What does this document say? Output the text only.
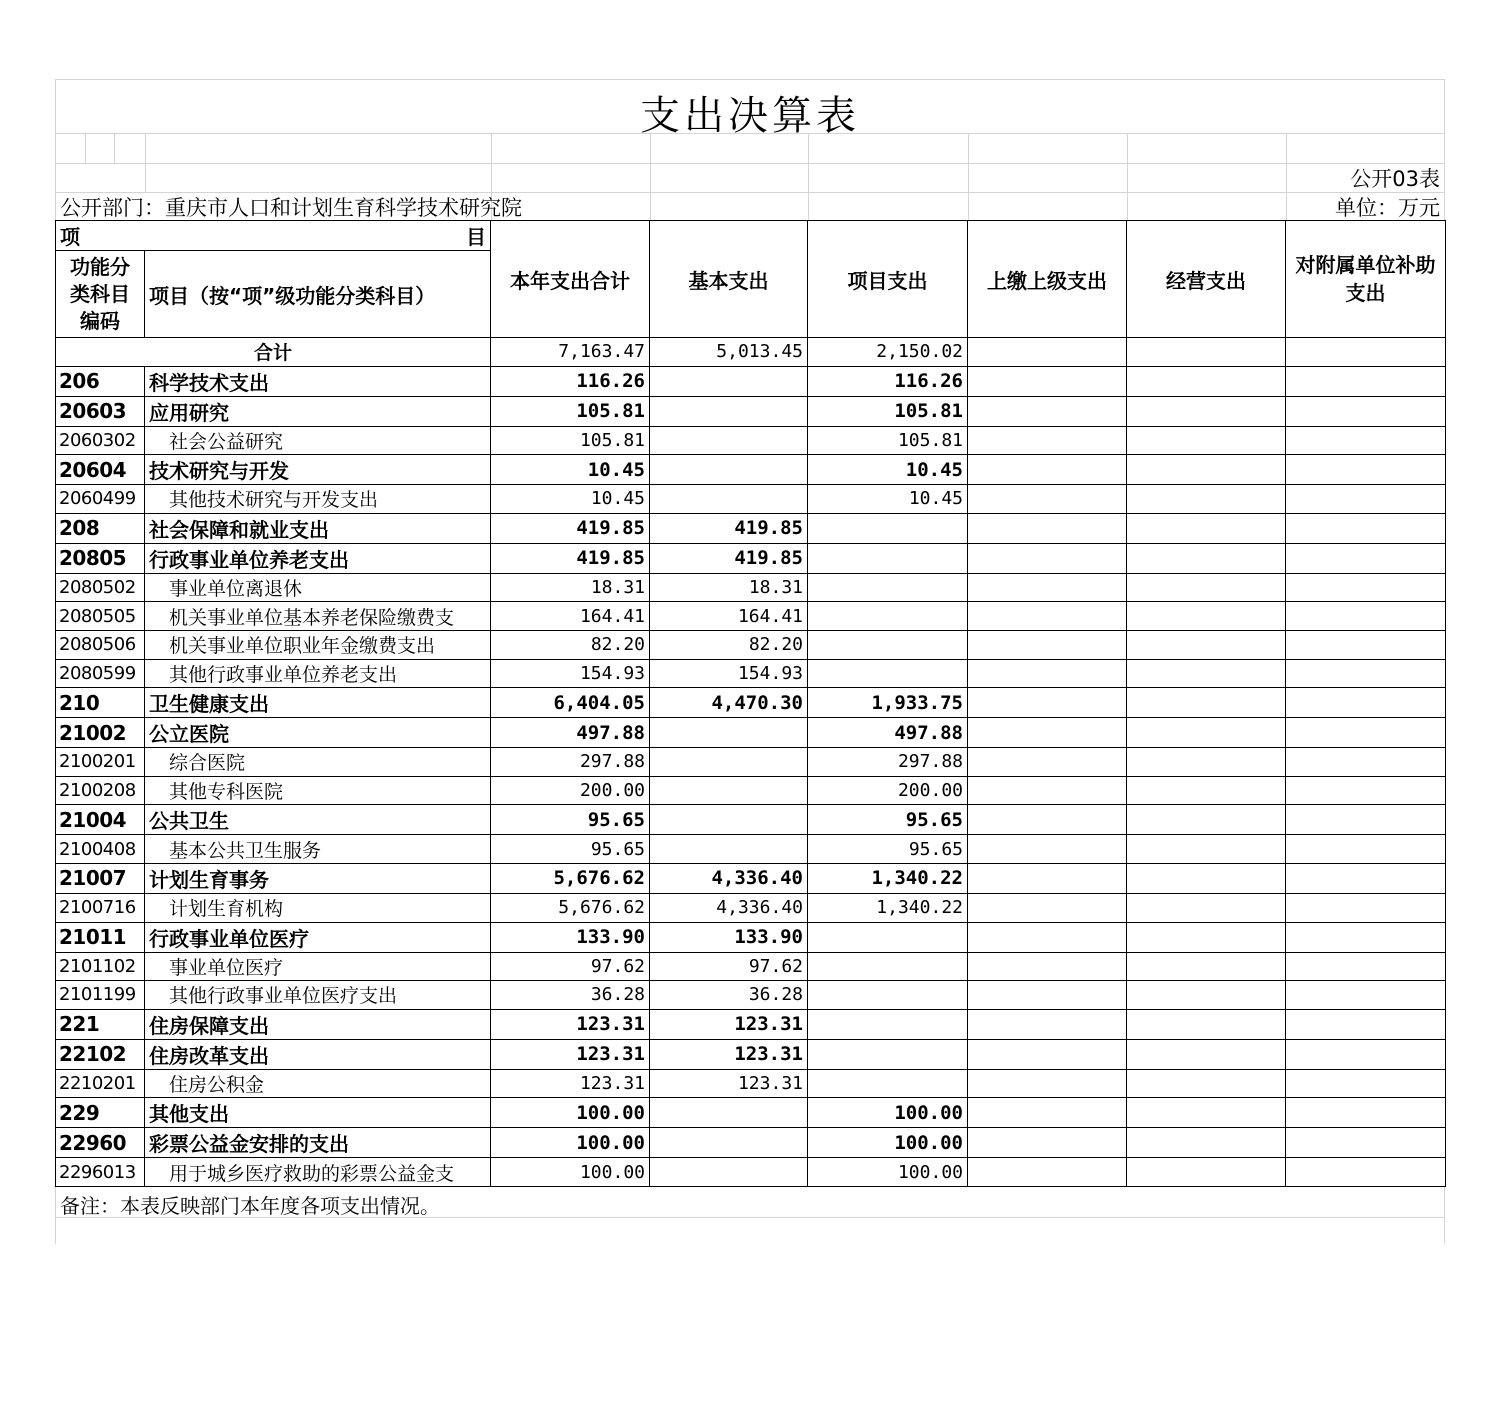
支出决算表
公开部门：重庆市人口和计划生育科学技术研究院
公开03表
单位：万元
项 目		本年支出合计	基本支出	项目支出	上缴上级支出	经营支出	对附属单位补助支出
功能分类科目编码	项目（按“项”级功能分类科目）						
合计		7,163.47	5,013.45	2,150.02			
206	科学技术支出	116.26		116.26			
20603	应用研究	105.81		105.81			
2060302	社会公益研究	105.81		105.81			
20604	技术研究与开发	10.45		10.45			
2060499	其他技术研究与开发支出	10.45		10.45			
208	社会保障和就业支出	419.85	419.85				
20805	行政事业单位养老支出	419.85	419.85				
2080502	事业单位离退休	18.31	18.31				
2080505	机关事业单位基本养老保险缴费支	164.41	164.41				
2080506	机关事业单位职业年金缴费支出	82.20	82.20				
2080599	其他行政事业单位养老支出	154.93	154.93				
210	卫生健康支出	6,404.05	4,470.30	1,933.75			
21002	公立医院	497.88		497.88			
2100201	综合医院	297.88		297.88			
2100208	其他专科医院	200.00		200.00			
21004	公共卫生	95.65		95.65			
2100408	基本公共卫生服务	95.65		95.65			
21007	计划生育事务	5,676.62	4,336.40	1,340.22			
2100716	计划生育机构	5,676.62	4,336.40	1,340.22			
21011	行政事业单位医疗	133.90	133.90				
2101102	事业单位医疗	97.62	97.62				
2101199	其他行政事业单位医疗支出	36.28	36.28				
221	住房保障支出	123.31	123.31				
22102	住房改革支出	123.31	123.31				
2210201	住房公积金	123.31	123.31				
229	其他支出	100.00		100.00			
22960	彩票公益金安排的支出	100.00		100.00			
2296013	用于城乡医疗救助的彩票公益金支	100.00		100.00			
备注：本表反映部门本年度各项支出情况。
